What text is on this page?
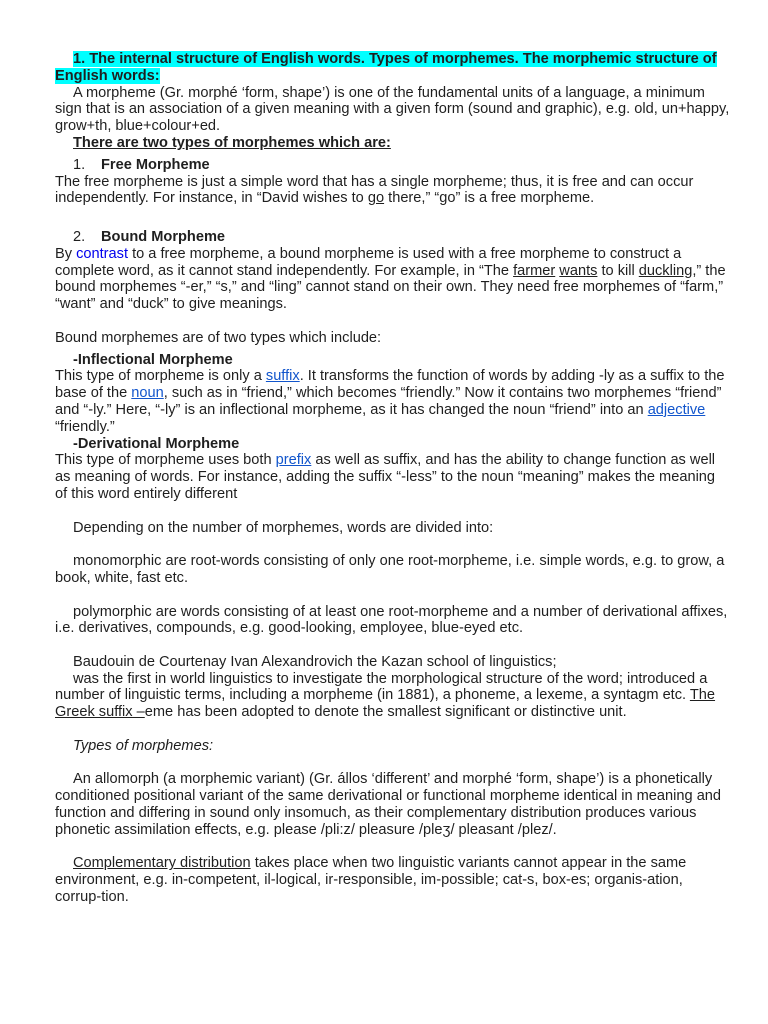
1. The internal structure of English words. Types of morphemes. The morphemic structure of English words:

A morpheme (Gr. morphé ‘form, shape’) is one of the fundamental units of a language, a minimum sign that is an association of a given meaning with a given form (sound and graphic), e.g. old, un+happy, grow+th, blue+colour+ed.

There are two types of morphemes which are:

1. Free Morpheme

The free morpheme is just a simple word that has a single morpheme; thus, it is free and can occur independently. For instance, in “David wishes to go there,” “go” is a free morpheme.

2. Bound Morpheme

By contrast to a free morpheme, a bound morpheme is used with a free morpheme to construct a complete word, as it cannot stand independently. For example, in “The farmer wants to kill duckling,” the bound morphemes “-er,” “s,” and “ling” cannot stand on their own. They need free morphemes of “farm,” “want” and “duck” to give meanings.

Bound morphemes are of two types which include:

-Inflectional Morpheme

This type of morpheme is only a suffix. It transforms the function of words by adding -ly as a suffix to the base of the noun, such as in “friend,” which becomes “friendly.” Now it contains two morphemes “friend” and “-ly.” Here, “-ly” is an inflectional morpheme, as it has changed the noun “friend” into an adjective “friendly.”

-Derivational Morpheme

This type of morpheme uses both prefix as well as suffix, and has the ability to change function as well as meaning of words. For instance, adding the suffix “-less” to the noun “meaning” makes the meaning of this word entirely different

Depending on the number of morphemes, words are divided into:

monomorphic are root-words consisting of only one root-morpheme, i.e. simple words, e.g. to grow, a book, white, fast etc.

polymorphic are words consisting of at least one root-morpheme and a number of derivational affixes, i.e. derivatives, compounds, e.g. good-looking, employee, blue-eyed etc.

Baudouin de Courtenay Ivan Alexandrovich the Kazan school of linguistics;

was the first in world linguistics to investigate the morphological structure of the word; introduced a number of linguistic terms, including a morpheme (in 1881), a phoneme, a lexeme, a syntagm etc. The Greek suffix –eme has been adopted to denote the smallest significant or distinctive unit.

Types of morphemes:

An allomorph (a morphemic variant) (Gr. állos ‘different’ and morphé ‘form, shape’) is a phonetically conditioned positional variant of the same derivational or functional morpheme identical in meaning and function and differing in sound only insomuch, as their complementary distribution produces various phonetic assimilation effects, e.g. please /pli:z/ pleasure /pleʒ/ pleasant /plez/.

Complementary distribution takes place when two linguistic variants cannot appear in the same environment, e.g. in-competent, il-logical, ir-responsible, im-possible; cat-s, box-es; organis-ation, corrup-tion.
